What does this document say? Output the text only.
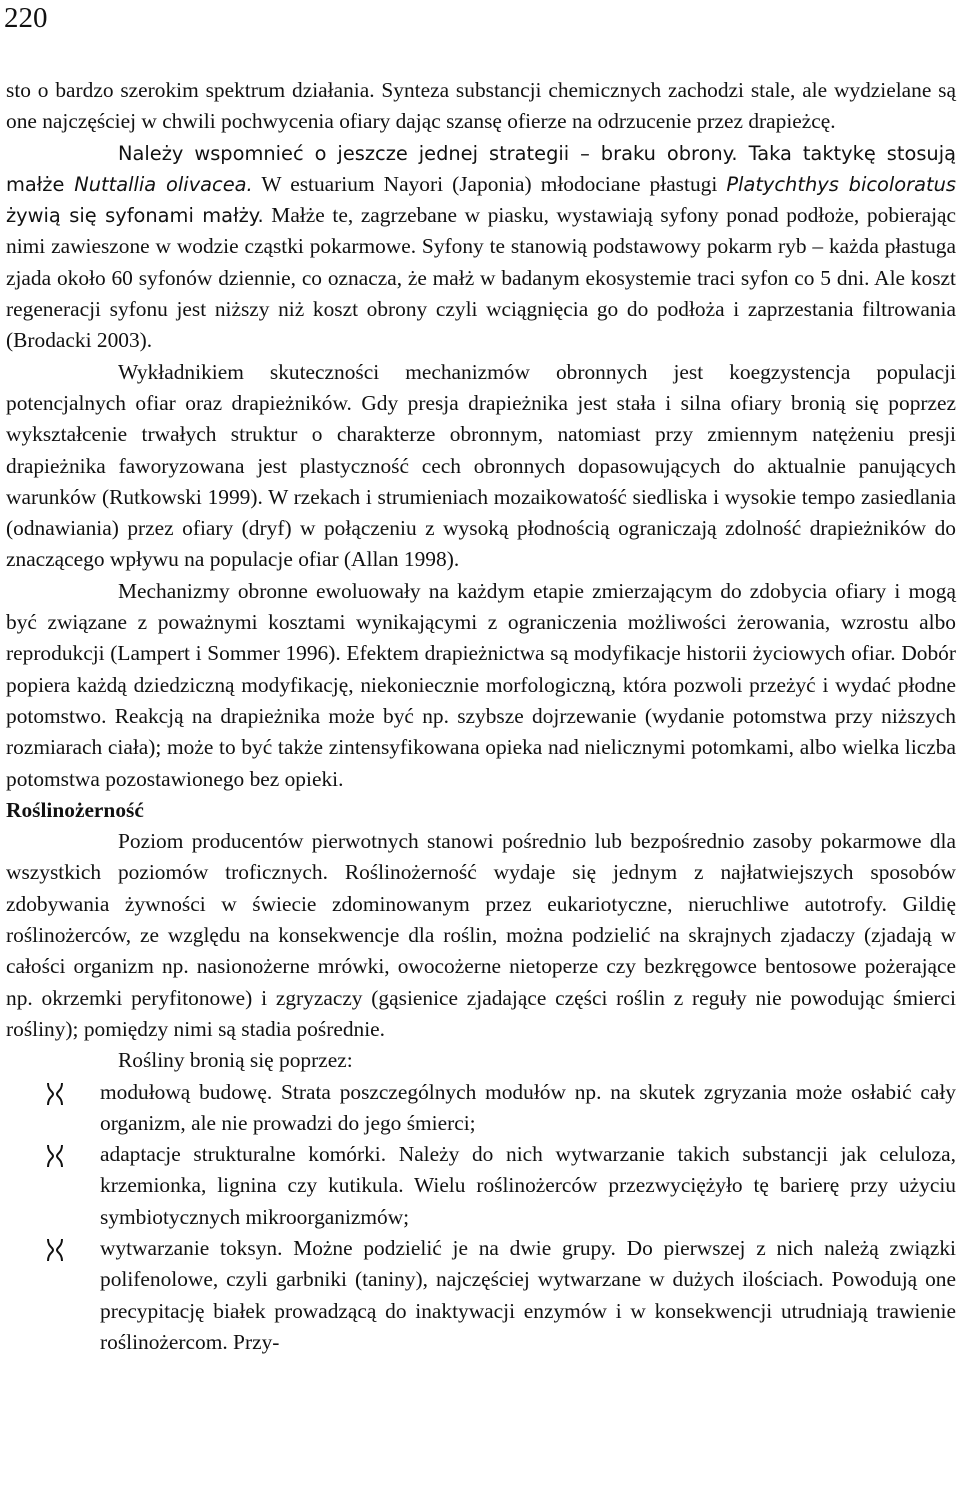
220

sto o bardzo szerokim spektrum działania. Synteza substancji chemicznych zachodzi stale, ale wydzielane są one najczęściej w chwili pochwycenia ofiary dając szansę ofierze na odrzucenie przez drapieżcę.

Należy wspomnieć o jeszcze jednej strategii – braku obrony. Taka taktykę stosują małże Nuttallia olivacea. W estuarium Nayori (Japonia) młodociane płastugi Platychthys bicoloratus żywią się syfonami małży. Małże te, zagrzebane w piasku, wystawiają syfony ponad podłoże, pobierając nimi zawieszone w wodzie cząstki pokarmowe. Syfony te stanowią podstawowy pokarm ryb – każda płastuga zjada około 60 syfonów dziennie, co oznacza, że małż w badanym ekosystemie traci syfon co 5 dni. Ale koszt regeneracji syfonu jest niższy niż koszt obrony czyli wciągnięcia go do podłoża i zaprzestania filtrowania (Brodacki 2003).

Wykładnikiem skuteczności mechanizmów obronnych jest koegzystencja populacji potencjalnych ofiar oraz drapieżników. Gdy presja drapieżnika jest stała i silna ofiary bronią się poprzez wykształcenie trwałych struktur o charakterze obronnym, natomiast przy zmiennym natężeniu presji drapieżnika faworyzowana jest plastyczność cech obronnych dopasowujących do aktualnie panujących warunków (Rutkowski 1999). W rzekach i strumieniach mozaikowatość siedliska i wysokie tempo zasiedlania (odnawiania) przez ofiary (dryf) w połączeniu z wysoką płodnością ograniczają zdolność drapieżników do znaczącego wpływu na populacje ofiar (Allan 1998).

Mechanizmy obronne ewoluowały na każdym etapie zmierzającym do zdobycia ofiary i mogą być związane z poważnymi kosztami wynikającymi z ograniczenia możliwości żerowania, wzrostu albo reprodukcji (Lampert i Sommer 1996). Efektem drapieżnictwa są modyfikacje historii życiowych ofiar. Dobór popiera każdą dziedziczną modyfikację, niekoniecznie morfologiczną, która pozwoli przeżyć i wydać płodne potomstwo. Reakcją na drapieżnika może być np. szybsze dojrzewanie (wydanie potomstwa przy niższych rozmiarach ciała); może to być także zintensyfikowana opieka nad nielicznymi potomkami, albo wielka liczba potomstwa pozostawionego bez opieki.

Roślinożerność

Poziom producentów pierwotnych stanowi pośrednio lub bezpośrednio zasoby pokarmowe dla wszystkich poziomów troficznych. Roślinożerność wydaje się jednym z najłatwiejszych sposobów zdobywania żywności w świecie zdominowanym przez eukariotyczne, nieruchliwe autotrofy. Gildię roślinożerców, ze względu na konsekwencje dla roślin, można podzielić na skrajnych zjadaczy (zjadają w całości organizm np. nasionożerne mrówki, owocożerne nietoperze czy bezkręgowce bentosowe pożerające np. okrzemki peryfitonowe) i zgryzaczy (gąsienice zjadające części roślin z reguły nie powodując śmierci rośliny); pomiędzy nimi są stadia pośrednie.

Rośliny bronią się poprzez:

modułową budowę. Strata poszczególnych modułów np. na skutek zgryzania może osłabić cały organizm, ale nie prowadzi do jego śmierci;
adaptacje strukturalne komórki. Należy do nich wytwarzanie takich substancji jak celuloza, krzemionka, lignina czy kutikula. Wielu roślinożerców przezwyciężyło tę barierę przy użyciu symbiotycznych mikroorganizmów;
wytwarzanie toksyn. Możne podzielić je na dwie grupy. Do pierwszej z nich należą związki polifenolowe, czyli garbniki (taniny), najczęściej wytwarzane w dużych ilościach. Powodują one precypitację białek prowadzącą do inaktywacji enzymów i w konsekwencji utrudniają trawienie roślinożercom. Przy-
